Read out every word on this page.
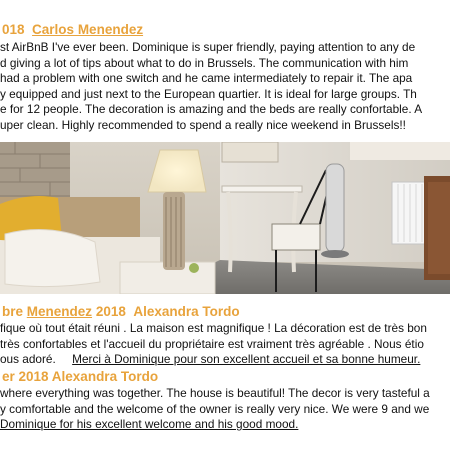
018 Carlos Menendez
st AirBnB I've ever been. Dominique is super friendly, paying attention to any de
d giving a lot of tips about what to do in Brussels. The communication with him
had a problem with one switch and he came intermediately to repair it. The apa
y equipped and just next to the European quartier. It is ideal for large groups. Th
e for 12 people. The decoration is amazing and the beds are really confortable. A
uper clean. Highly recommended to spend a really nice weekend in Brussels!!
bre Menendez 2018 Alexandra Tordo
fique où tout était réuni . La maison est magnifique ! La décoration est de très bon
très confortables et l'accueil du propriétaire est vraiment très agréable . Nous étio
ous adoré. Merci à Dominique pour son excellent accueil et sa bonne humeur.
er 2018 Alexandra Tordo
where everything was together. The house is beautiful! The decor is very tasteful a
y comfortable and the welcome of the owner is really very nice. We were 9 and we
Dominique for his excellent welcome and his good mood.
